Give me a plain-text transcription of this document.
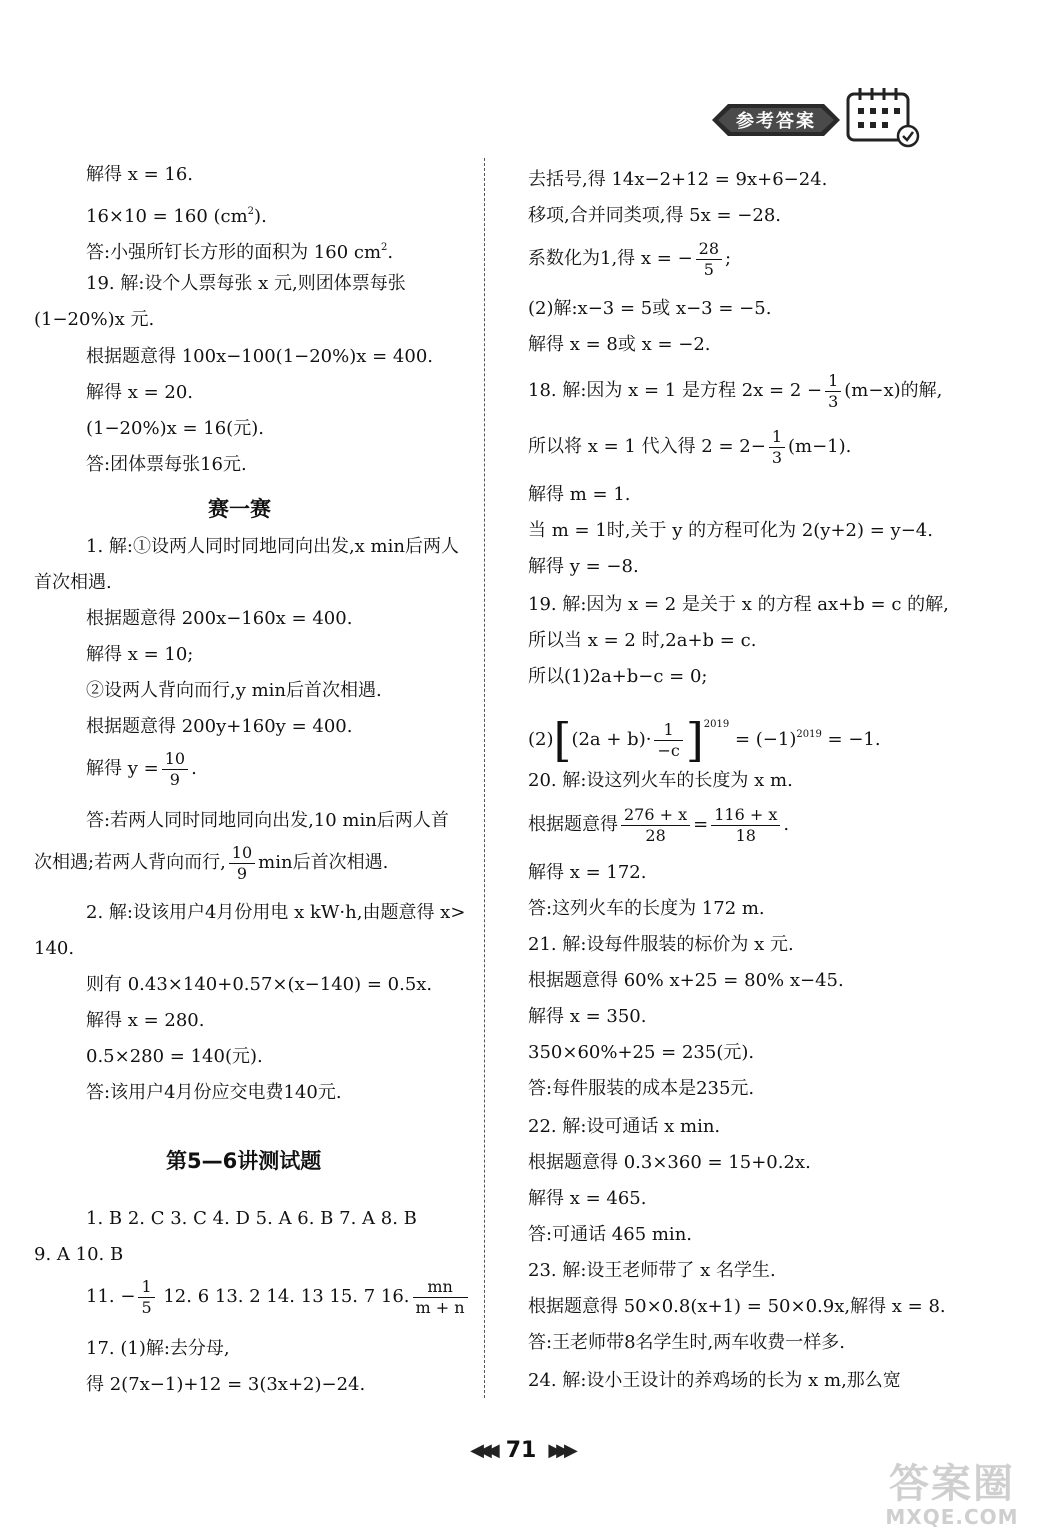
参考答案
解得 x = 16.
16×10 = 160 $(cm^2)$.
答:小强所钉长方形的面积为 160 $cm^2$.
19. 解:设个人票每张 x 元,则团体票每张
(1−20%)x 元.
根据题意得 100x−100(1−20%)x = 400.
解得 x = 20.
(1−20%)x = 16(元).
答:团体票每张16元.
赛一赛
1. 解:①设两人同时同地同向出发,x min后两人
首次相遇.
根据题意得 200x−160x = 400.
解得 x = 10;
②设两人背向而行,y min后首次相遇.
根据题意得 200y+160y = 400.
解得 $y = \frac{10}{9}$ .
答:若两人同时同地同向出发,10 min后两人首
次相遇;若两人背向而行, $\frac{10}{9}$ min后首次相遇.
2. 解:设该用户4月份用电 x kW·h,由题意得 x>
140.
则有 0.43×140+0.57×(x−140) = 0.5x.
解得 x = 280.
0.5×280 = 140(元).
答:该用户4月份应交电费140元.
第5—6讲测试题
1. B 2. C 3. C 4. D 5. A 6. B 7. A 8. B
9. A 10. B
11. − $\frac{1}{5} 12$. 6 13. 2 14. 13 15. 7 16. $\frac{mn}{m + n}$
17. (1)解:去分母,
得 2(7x−1)+12 = 3(3x+2)−24.
去括号,得 14x−2+12 = 9x+6−24.
移项,合并同类项,得 5x = −28.
系数化为1,得 x = − $\frac{28}{5}$ ;
(2)解:x−3 = 5或 x−3 = −5.
解得 x = 8或 x = −2.
18. 解:因为 x = 1 是方程 $2x = 2 - \frac{1}{3} (m-x)$的解,
所以将 x = 1 代入得 $2 = 2- \frac{1}{3} (m-1)$.
解得 m = 1.
当 m = 1时,关于 y 的方程可化为 2(y+2) = y−4.
解得 y = −8.
19. 解:因为 x = 2 是关于 x 的方程 ax+b = c 的解,
所以当 x = 2 时,2a+b = c.
所以(1)2a+b−c = 0;
$(2)[(2a + b)\cdot \frac{1}{-c} ]^{2019} = (-1)^{2019} = -1$.
20. 解:设这列火车的长度为 x m.
根据题意得 $\frac{276 + x}{28} = \frac{116 + x}{18}$ .
解得 x = 172.
答:这列火车的长度为 172 m.
21. 解:设每件服装的标价为 x 元.
根据题意得 60% x+25 = 80% x−45.
解得 x = 350.
350×60%+25 = 235(元).
答:每件服装的成本是235元.
22. 解:设可通话 x min.
根据题意得 0.3×360 = 15+0.2x.
解得 x = 465.
答:可通话 465 min.
23. 解:设王老师带了 x 名学生.
根据题意得 50×0.8(x+1) = 50×0.9x,解得 x = 8.
答:王老师带8名学生时,两车收费一样多.
24. 解:设小王设计的养鸡场的长为 x m,那么宽
◀◀◀ 71 ▶▶▶
答案圈
MXQE.COM
